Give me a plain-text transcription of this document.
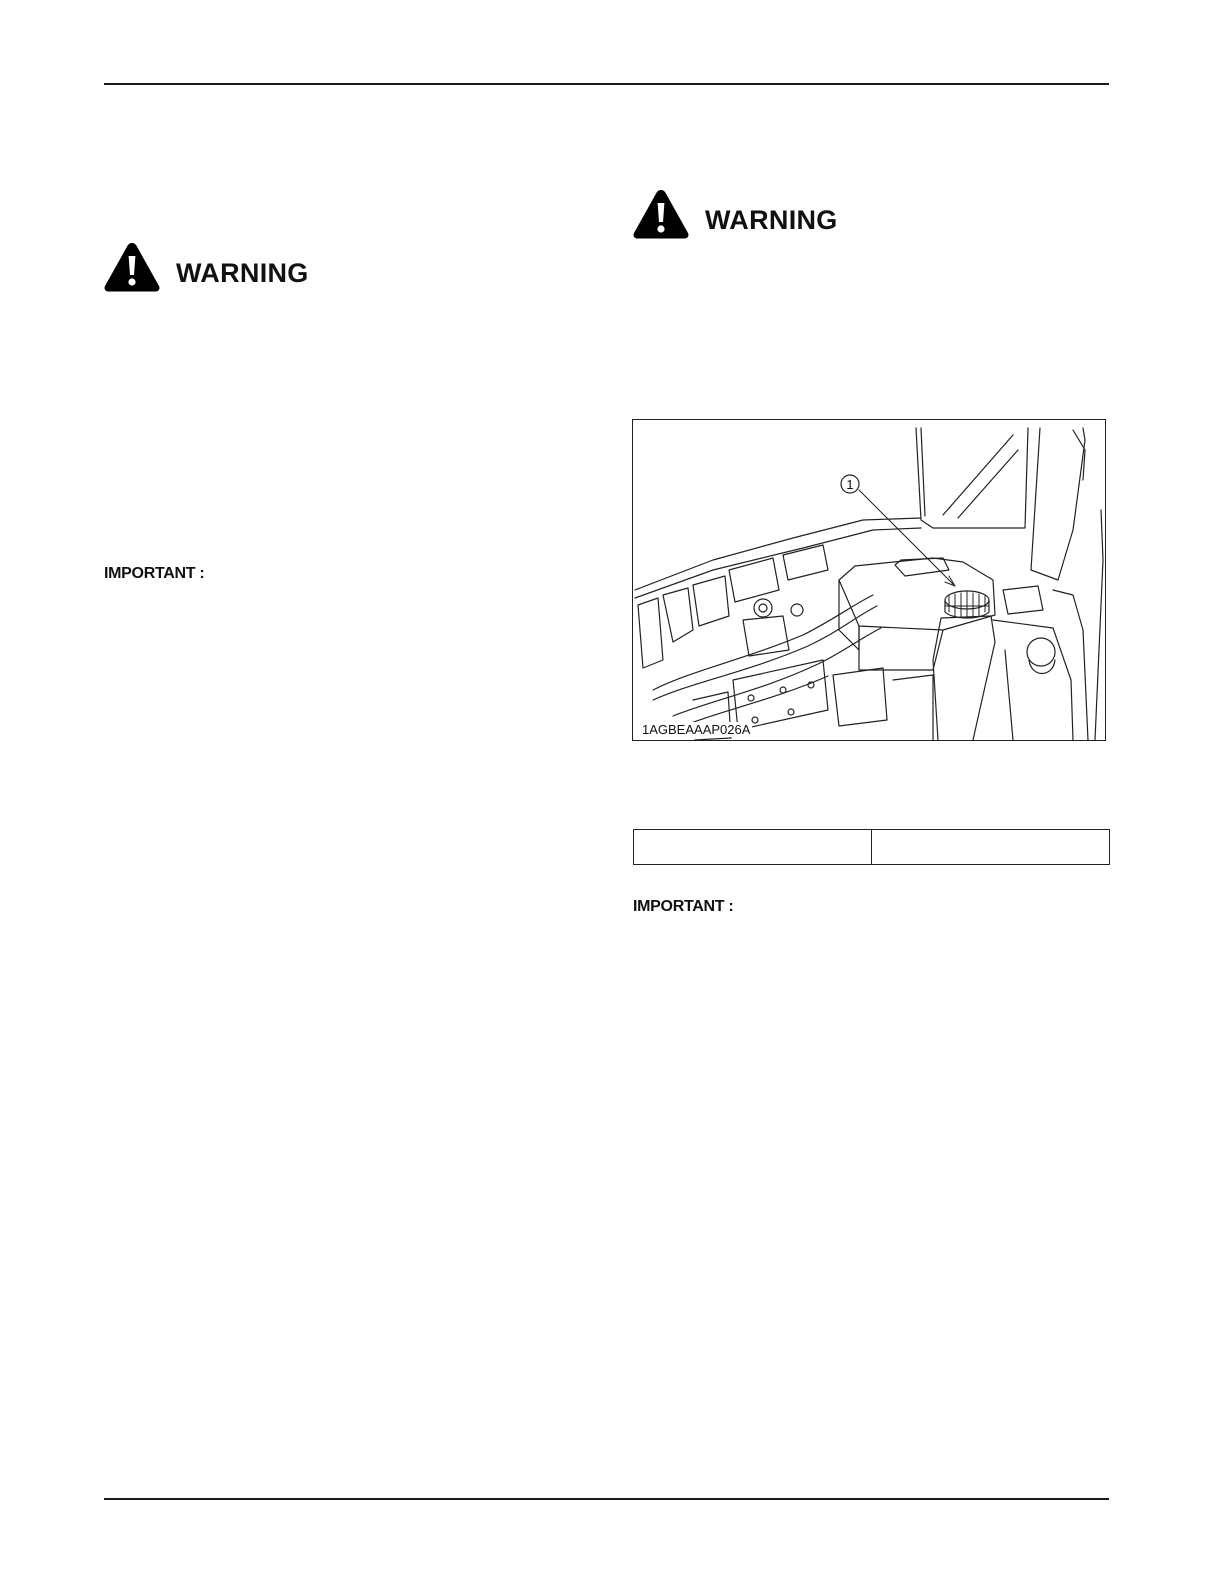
WARNING
IMPORTANT :
WARNING
1
1AGBEAAAP026A

IMPORTANT :
